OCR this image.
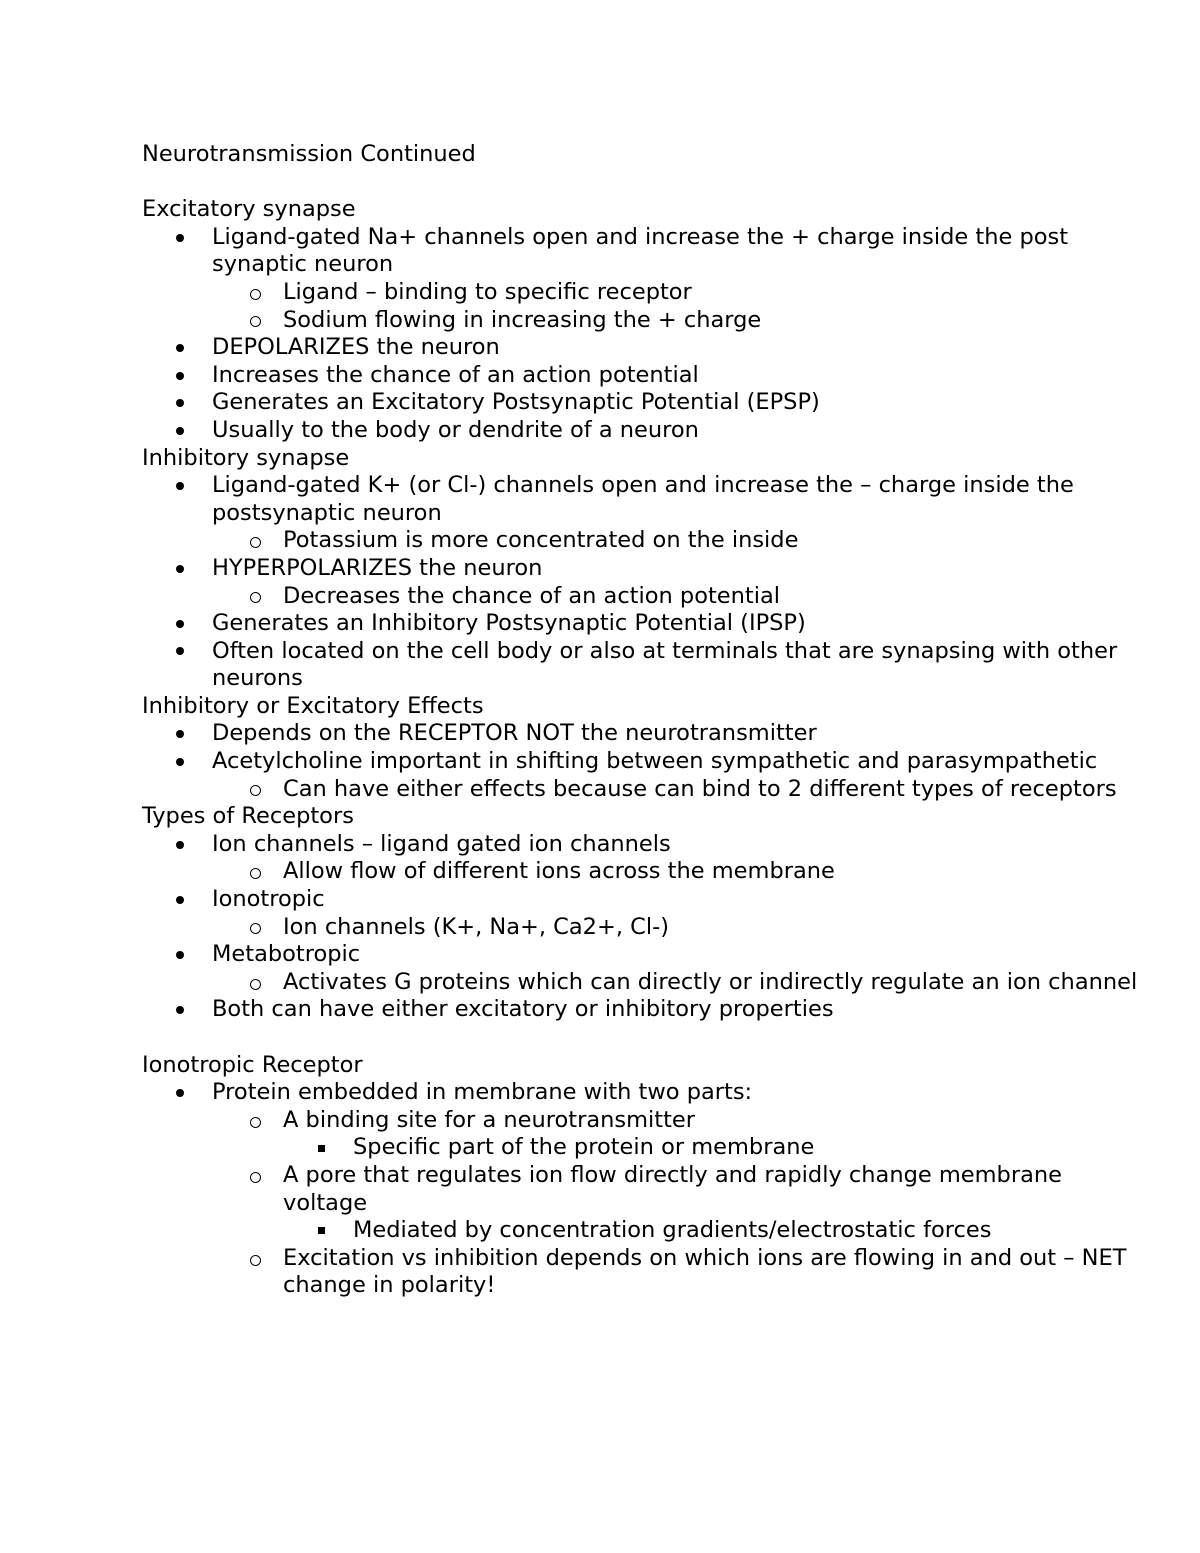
Neurotransmission Continued
Excitatory synapse
Ligand-gated Na+ channels open and increase the + charge inside the post synaptic neuron
Ligand – binding to specific receptor
Sodium flowing in increasing the + charge
DEPOLARIZES the neuron
Increases the chance of an action potential
Generates an Excitatory Postsynaptic Potential (EPSP)
Usually to the body or dendrite of a neuron
Inhibitory synapse
Ligand-gated K+ (or Cl-) channels open and increase the – charge inside the postsynaptic neuron
Potassium is more concentrated on the inside
HYPERPOLARIZES the neuron
Decreases the chance of an action potential
Generates an Inhibitory Postsynaptic Potential (IPSP)
Often located on the cell body or also at terminals that are synapsing with other neurons
Inhibitory or Excitatory Effects
Depends on the RECEPTOR NOT the neurotransmitter
Acetylcholine important in shifting between sympathetic and parasympathetic
Can have either effects because can bind to 2 different types of receptors
Types of Receptors
Ion channels – ligand gated ion channels
Allow flow of different ions across the membrane
Ionotropic
Ion channels (K+, Na+, Ca2+, Cl-)
Metabotropic
Activates G proteins which can directly or indirectly regulate an ion channel
Both can have either excitatory or inhibitory properties
Ionotropic Receptor
Protein embedded in membrane with two parts:
A binding site for a neurotransmitter
Specific part of the protein or membrane
A pore that regulates ion flow directly and rapidly change membrane voltage
Mediated by concentration gradients/electrostatic forces
Excitation vs inhibition depends on which ions are flowing in and out – NET change in polarity!
